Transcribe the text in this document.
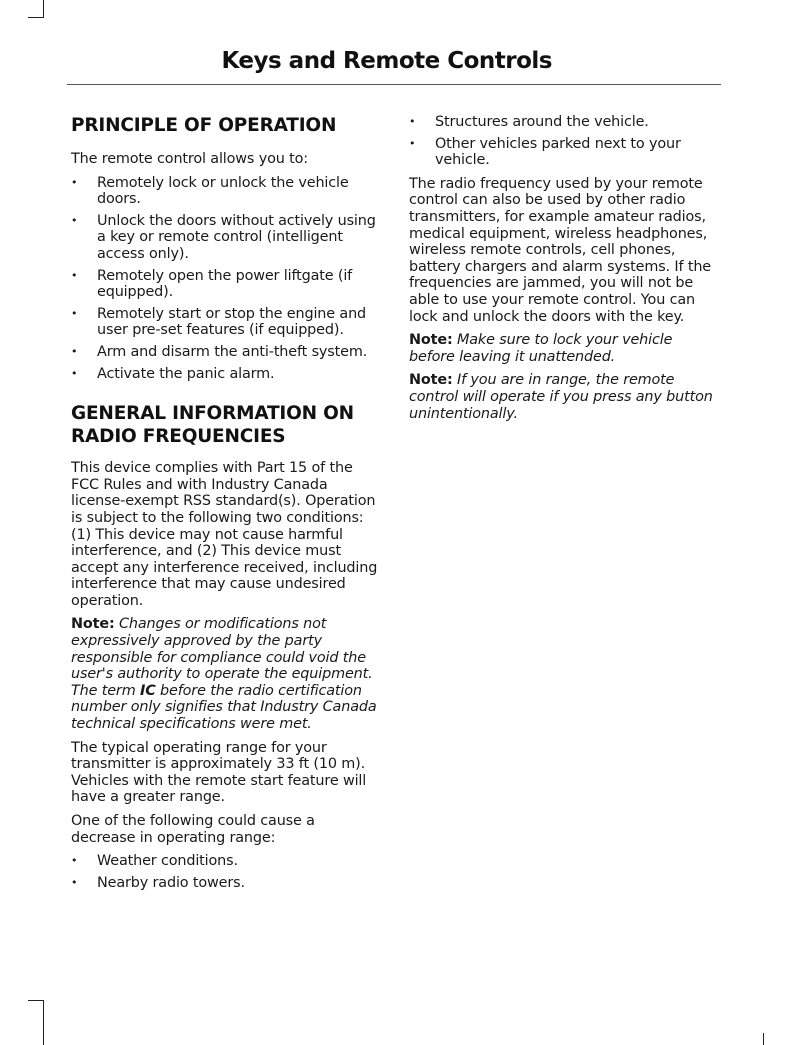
Keys and Remote Controls
PRINCIPLE OF OPERATION

The remote control allows you to:

• Remotely lock or unlock the vehicle doors.
• Unlock the doors without actively using a key or remote control (intelligent access only).
• Remotely open the power liftgate (if equipped).
• Remotely start or stop the engine and user pre-set features (if equipped).
• Arm and disarm the anti-theft system.
• Activate the panic alarm.
GENERAL INFORMATION ON RADIO FREQUENCIES

This device complies with Part 15 of the FCC Rules and with Industry Canada license-exempt RSS standard(s). Operation is subject to the following two conditions: (1) This device may not cause harmful interference, and (2) This device must accept any interference received, including interference that may cause undesired operation.

Note: Changes or modifications not expressively approved by the party responsible for compliance could void the user's authority to operate the equipment. The term IC before the radio certification number only signifies that Industry Canada technical specifications were met.

The typical operating range for your transmitter is approximately 33 ft (10 m). Vehicles with the remote start feature will have a greater range.

One of the following could cause a decrease in operating range:

• Weather conditions.
• Nearby radio towers.
• Structures around the vehicle.
• Other vehicles parked next to your vehicle.

The radio frequency used by your remote control can also be used by other radio transmitters, for example amateur radios, medical equipment, wireless headphones, wireless remote controls, cell phones, battery chargers and alarm systems. If the frequencies are jammed, you will not be able to use your remote control. You can lock and unlock the doors with the key.

Note: Make sure to lock your vehicle before leaving it unattended.

Note: If you are in range, the remote control will operate if you press any button unintentionally.
